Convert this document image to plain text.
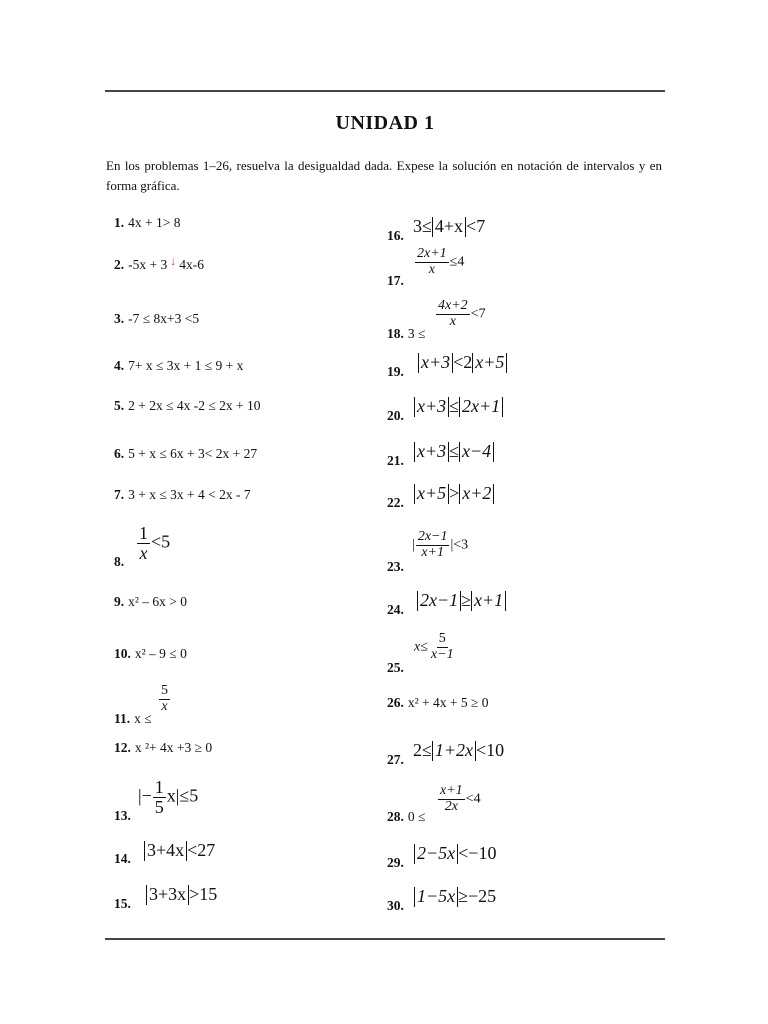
UNIDAD 1
En los problemas 1–26, resuelva la desigualdad dada. Expese la solución en notación de intervalos y en forma gráfica.
1. 4x + 1> 8
2. -5x + 3 ↓ 4x-6
3. -7 ≤ 8x+3 <5
4. 7+ x ≤ 3x + 1 ≤ 9 + x
5. 2 + 2x ≤ 4x -2 ≤ 2x + 10
6. 5 + x ≤ 6x + 3< 2x + 27
7. 3 + x ≤ 3x + 4 < 2x - 7
8. $\frac{1}{x} <5$
9. x² – 6x > 0
10. x² – 9 ≤ 0
11. x ≤
$\frac{5}{x}$
12. x ²+ 4x +3 ≥ 0
13.
|− $\frac{1}{5} x|\le 5$
14. 3+4x <27
15. 3+3x >15
16. 3≤ 4+x <7
17.
$\frac{2x+1}{x} \le 4$
18. 3 ≤
$\frac{4x+2}{x} <7$
19. x+3 <2 x+5
20. x+3 ≤ 2x+1
21. x+3 ≤ x−4
22. x+5 > x+2
23.
| $\frac{2x-1}{x+1} |<3$
24. 2x−1 ≥ x+1
25.
$x\le \frac{5}{x-1}$
26. x² + 4x + 5 ≥ 0
27. 2≤ 1+2x <10
28. 0 ≤
$\frac{x+1}{2x} <4$
29. 2−5x <−10
30. 1−5x ≥−25
